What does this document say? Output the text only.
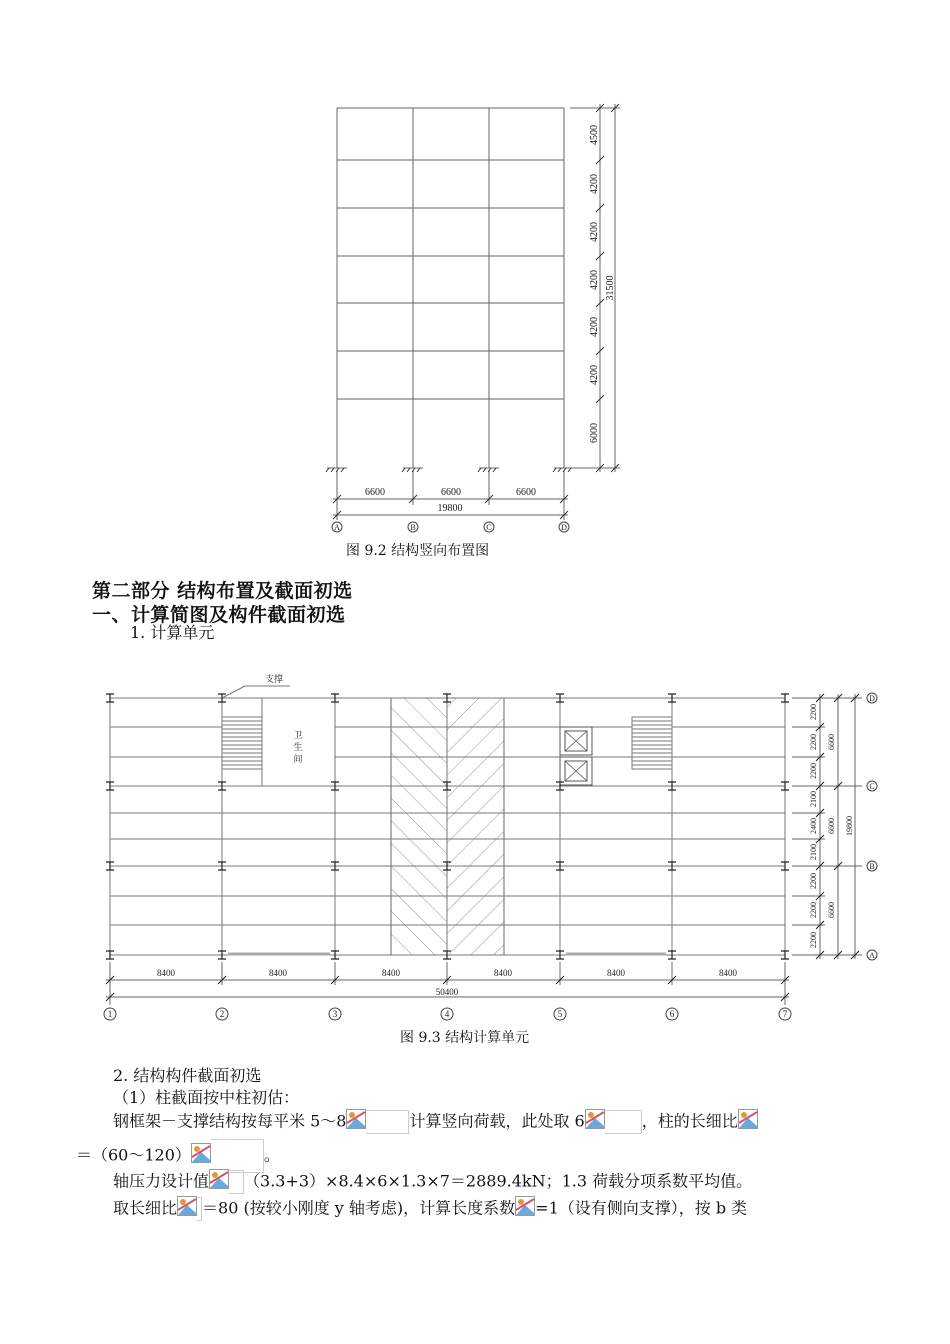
4500
4200
4200
4200
4200
4200
6000
31500
6600	6600	6600
19800
A	B	C	D
图 9.2 结构竖向布置图
第二部分 结构布置及截面初选
一、计算简图及构件截面初选
1. 计算单元
支撑
卫
生
间
2200
2200
2200
2100
2400
2100
2200
2200
2200
6600
6600
6600
19800
D
C
B
A
8400	8400	8400	8400	8400	8400
50400
1	2	3	4	5	6	7
图 9.3 结构计算单元
2. 结构构件截面初选
（1）柱截面按中柱初估：
钢框架－支撑结构按每平米 5～8	计算竖向荷载，此处取 6	，柱的长细比
＝（60～120）	。
轴压力设计值 （3.3+3）×8.4×6×1.3×7＝2889.4kN；1.3 荷载分项系数平均值。
取长细比 ＝80 (按较小刚度 y 轴考虑)，计算长度系数 =1（设有侧向支撑），按 b 类
